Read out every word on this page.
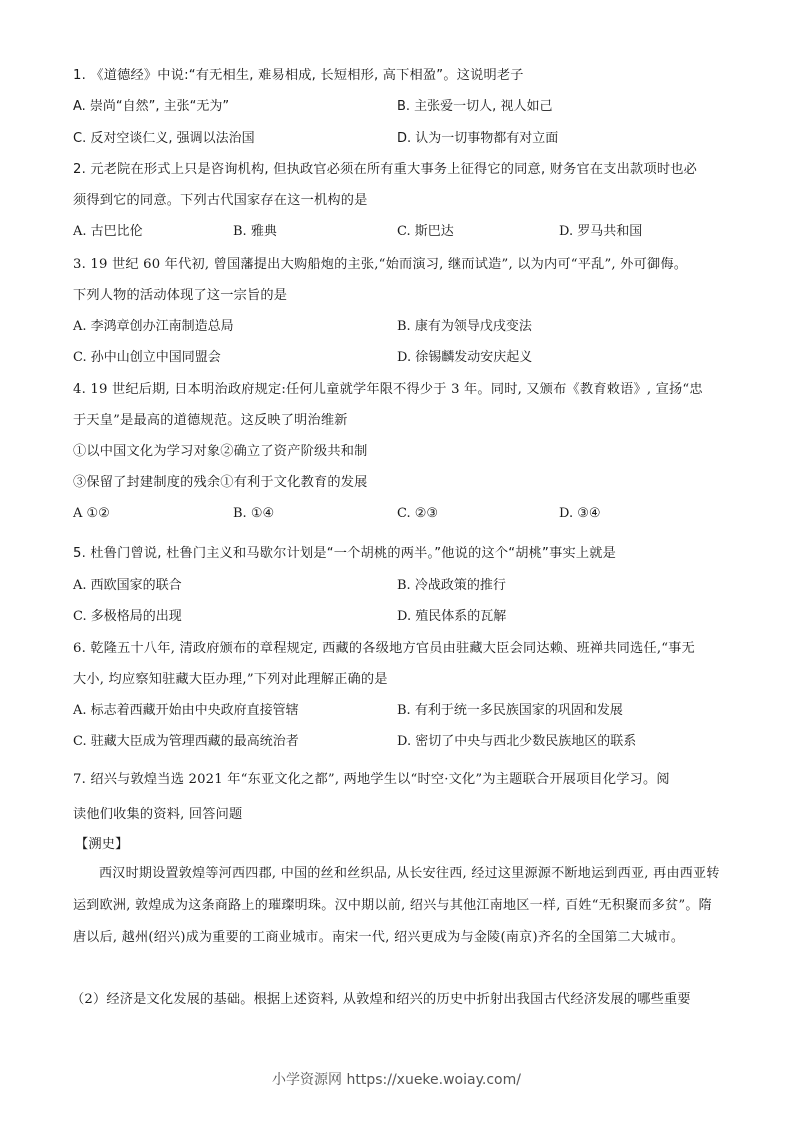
1. 《道德经》中说:“有无相生, 难易相成, 长短相形, 高下相盈”。这说明老子
A. 崇尚“自然”, 主张“无为”	B. 主张爱一切人, 视人如己
C. 反对空谈仁义, 强调以法治国	D. 认为一切事物都有对立面
2. 元老院在形式上只是咨询机构, 但执政官必须在所有重大事务上征得它的同意, 财务官在支出款项时也必
须得到它的同意。下列古代国家存在这一机构的是
A. 古巴比伦	B. 雅典	C. 斯巴达	D. 罗马共和国
3. 19 世纪 60 年代初, 曾国藩提出大购船炮的主张,“始而演习, 继而试造”, 以为内可“平乱”, 外可御侮。
下列人物的活动体现了这一宗旨的是
A. 李鸿章创办江南制造总局	B. 康有为领导戊戌变法
C. 孙中山创立中国同盟会	D. 徐锡麟发动安庆起义
4. 19 世纪后期, 日本明治政府规定:任何儿童就学年限不得少于 3 年。同时, 又颁布《教育敕语》, 宣扬“忠
于天皇”是最高的道德规范。这反映了明治维新
①以中国文化为学习对象②确立了资产阶级共和制
③保留了封建制度的残余①有利于文化教育的发展
A ①②	B. ①④	C. ②③	D. ③④
5. 杜鲁门曾说, 杜鲁门主义和马歇尔计划是“一个胡桃的两半。”他说的这个“胡桃”事实上就是
A. 西欧国家的联合	B. 冷战政策的推行
C. 多极格局的出现	D. 殖民体系的瓦解
6. 乾隆五十八年, 清政府颁布的章程规定, 西藏的各级地方官员由驻藏大臣会同达赖、班禅共同选任,“事无
大小, 均应察知驻藏大臣办理,”下列对此理解正确的是
A. 标志着西藏开始由中央政府直接管辖	B. 有利于统一多民族国家的巩固和发展
C. 驻藏大臣成为管理西藏的最高统治者	D. 密切了中央与西北少数民族地区的联系
7. 绍兴与敦煌当选 2021 年“东亚文化之都”, 两地学生以“时空·文化”为主题联合开展项目化学习。阅
读他们收集的资料, 回答问题
【溯史】
西汉时期设置敦煌等河西四郡, 中国的丝和丝织品, 从长安往西, 经过这里源源不断地运到西亚, 再由西亚转运到欧洲, 敦煌成为这条商路上的璀璨明珠。汉中期以前, 绍兴与其他江南地区一样, 百姓“无积聚而多贫”。隋唐以后, 越州(绍兴)成为重要的工商业城市。南宋一代, 绍兴更成为与金陵(南京)齐名的全国第二大城市。
（2）经济是文化发展的基础。根据上述资料, 从敦煌和绍兴的历史中折射出我国古代经济发展的哪些重要
小学资源网 https://xueke.woiay.com/
